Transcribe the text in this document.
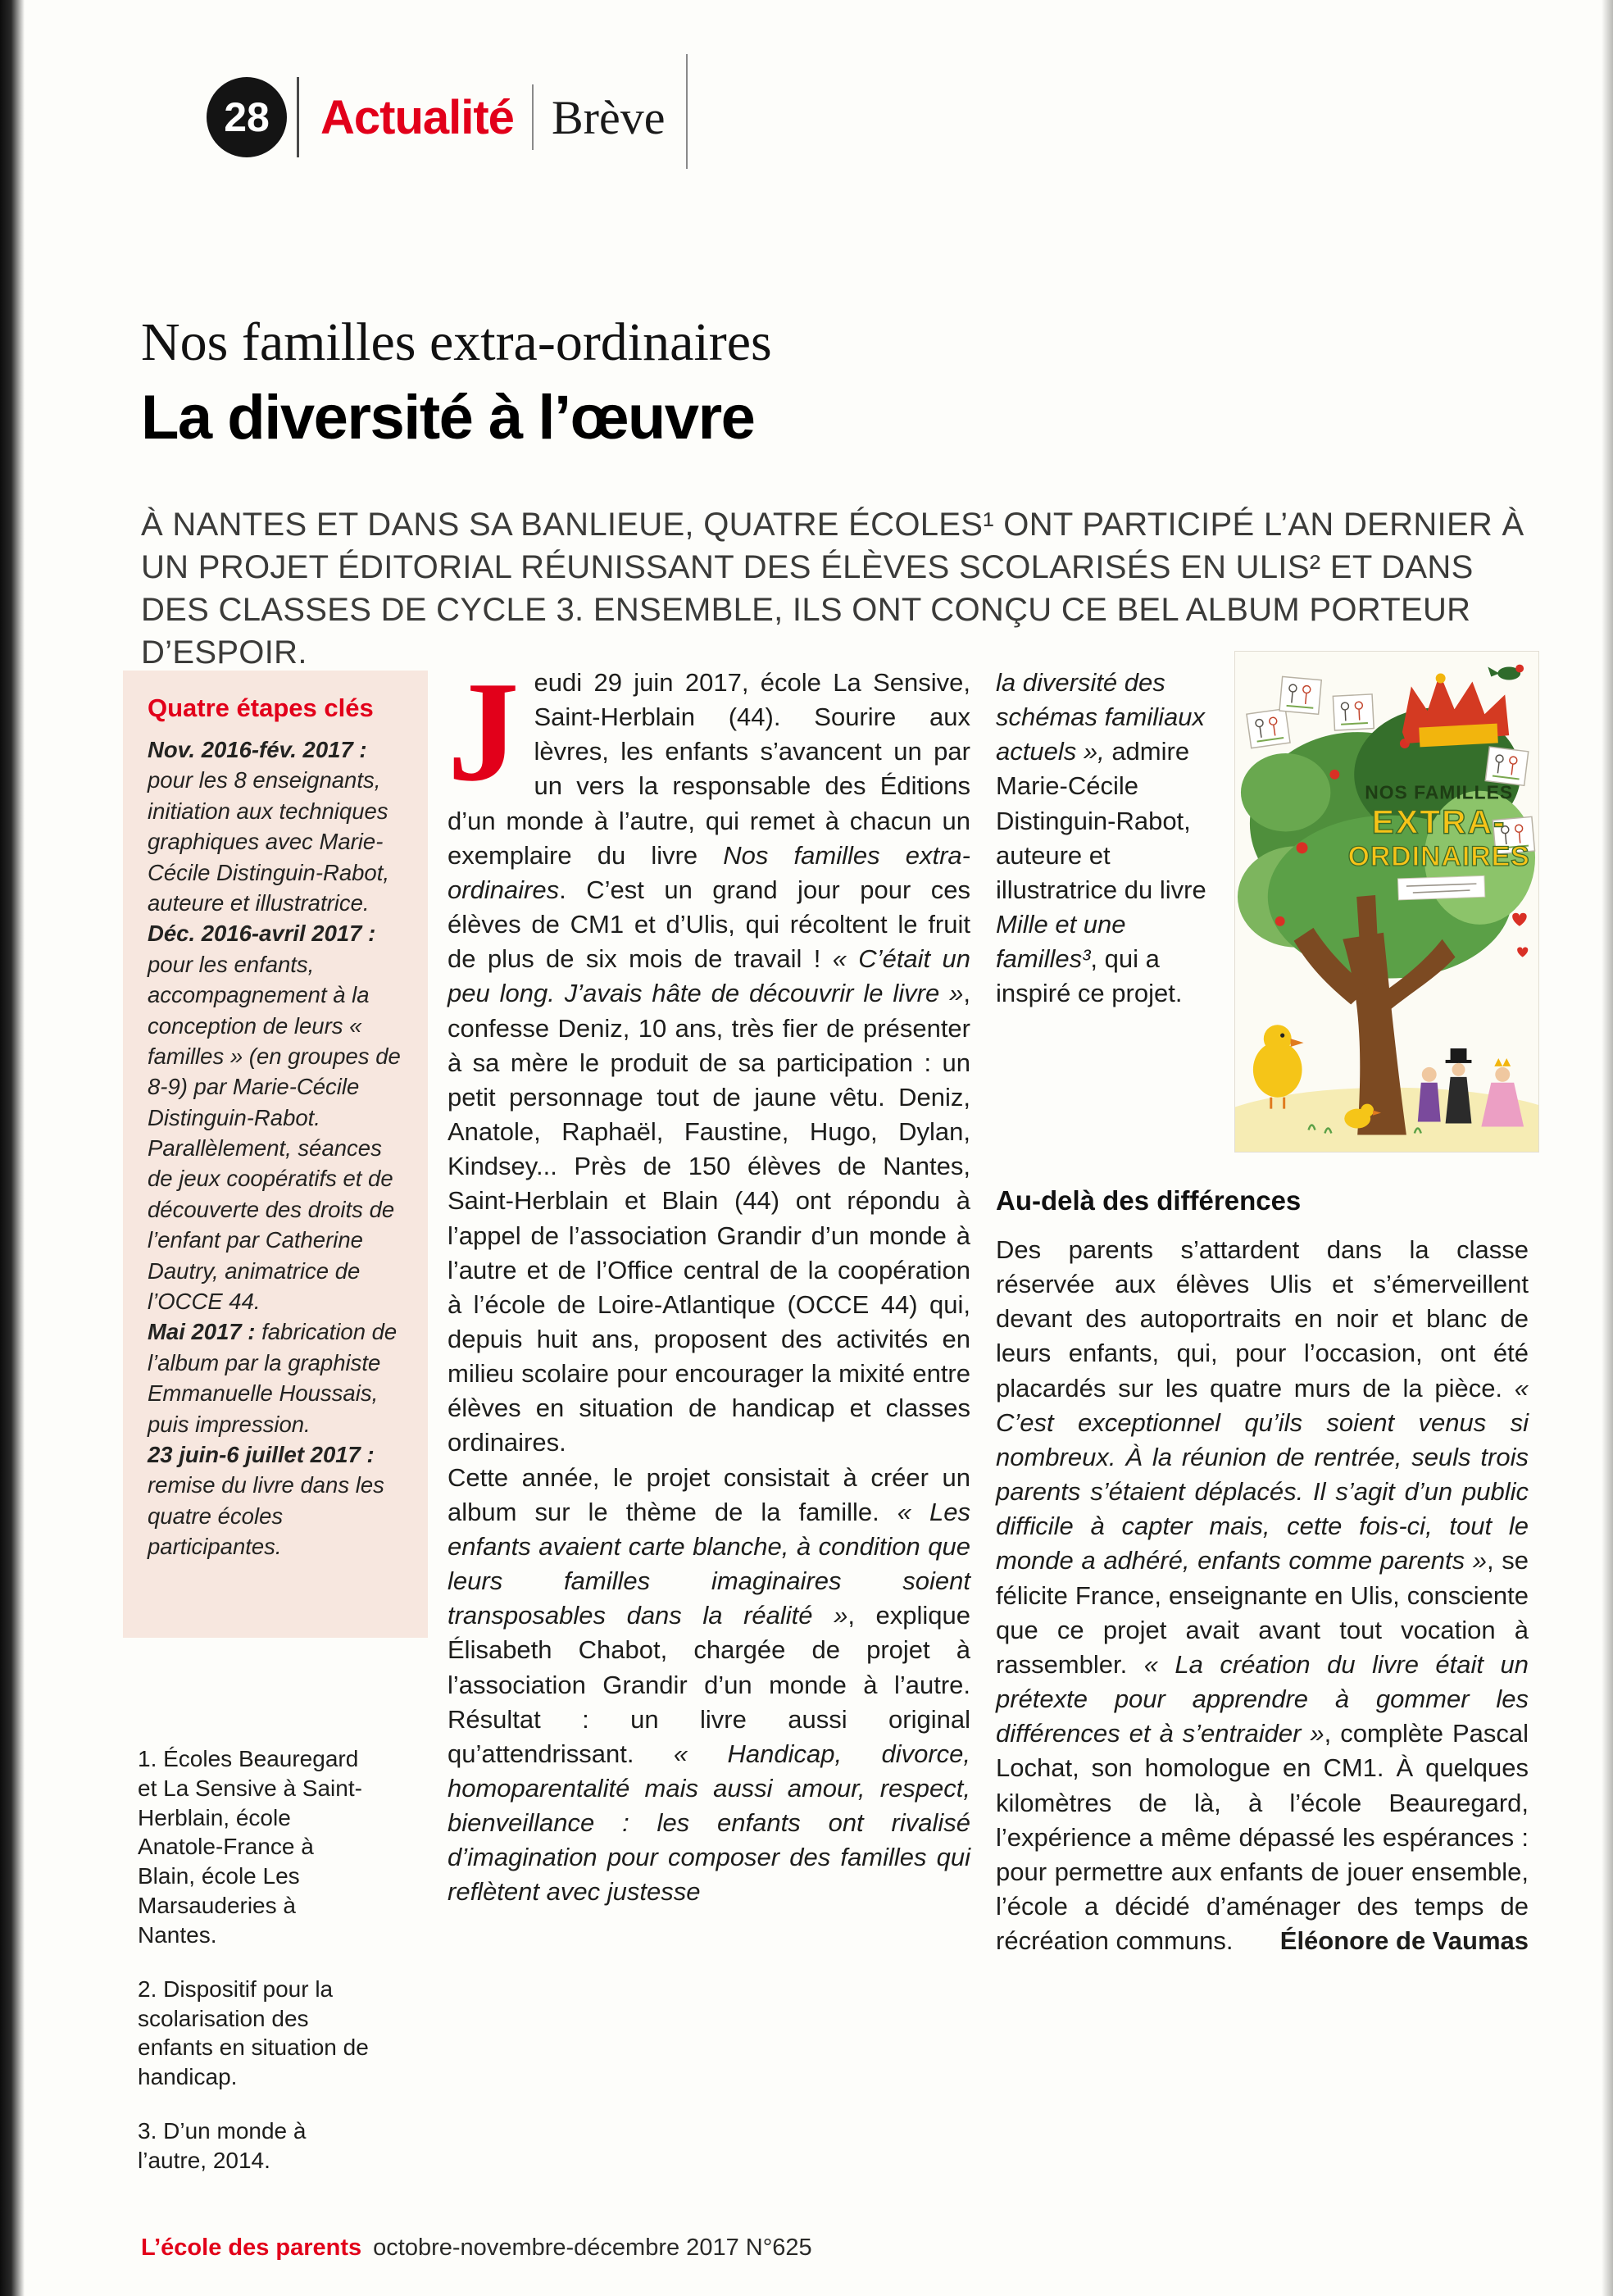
28 Actualité Brève
Nos familles extra-ordinaires
La diversité à l’œuvre
À NANTES ET DANS SA BANLIEUE, QUATRE ÉCOLES¹ ONT PARTICIPÉ L’AN DERNIER À UN PROJET ÉDITORIAL RÉUNISSANT DES ÉLÈVES SCOLARISÉS EN ULIS² ET DANS DES CLASSES DE CYCLE 3. ENSEMBLE, ILS ONT CONÇU CE BEL ALBUM PORTEUR D’ESPOIR.
Quatre étapes clés

Nov. 2016-fév. 2017 : pour les 8 enseignants, initiation aux techniques graphiques avec Marie-Cécile Distinguin-Rabot, auteure et illustratrice.

Déc. 2016-avril 2017 : pour les enfants, accompagnement à la conception de leurs « familles » (en groupes de 8-9) par Marie-Cécile Distinguin-Rabot. Parallèlement, séances de jeux coopératifs et de découverte des droits de l’enfant par Catherine Dautry, animatrice de l’OCCE 44.

Mai 2017 : fabrication de l’album par la graphiste Emmanuelle Houssais, puis impression.

23 juin-6 juillet 2017 : remise du livre dans les quatre écoles participantes.

1. Écoles Beauregard et La Sensive à Saint-Herblain, école Anatole-France à Blain, école Les Marsauderies à Nantes.

2. Dispositif pour la scolarisation des enfants en situation de handicap.

3. D’un monde à l’autre, 2014.

Jeudi 29 juin 2017, école La Sensive, Saint-Herblain (44). Sourire aux lèvres, les enfants s’avancent un par un vers la responsable des Éditions d’un monde à l’autre, qui remet à chacun un exemplaire du livre Nos familles extra-ordinaires. C’est un grand jour pour ces élèves de CM1 et d’Ulis, qui récoltent le fruit de plus de six mois de travail ! « C’était un peu long. J’avais hâte de découvrir le livre », confesse Deniz, 10 ans, très fier de présenter à sa mère le produit de sa participation : un petit personnage tout de jaune vêtu. Deniz, Anatole, Raphaël, Faustine, Hugo, Dylan, Kindsey... Près de 150 élèves de Nantes, Saint-Herblain et Blain (44) ont répondu à l’appel de l’association Grandir d’un monde à l’autre et de l’Office central de la coopération à l’école de Loire-Atlantique (OCCE 44) qui, depuis huit ans, proposent des activités en milieu scolaire pour encourager la mixité entre élèves en situation de handicap et classes ordinaires.

Cette année, le projet consistait à créer un album sur le thème de la famille. « Les enfants avaient carte blanche, à condition que leurs familles imaginaires soient transposables dans la réalité », explique Élisabeth Chabot, chargée de projet à l’association Grandir d’un monde à l’autre. Résultat : un livre aussi original qu’attendrissant. « Handicap, divorce, homoparentalité mais aussi amour, respect, bienveillance : les enfants ont rivalisé d’imagination pour composer des familles qui reflètent avec justesse

la diversité des schémas familiaux actuels », admire Marie-Cécile Distinguin-Rabot, auteure et illustratrice du livre Mille et une familles³, qui a inspiré ce projet.
NOS FAMILLES
EXTRA-
ORDINAIRES
Au-delà des différences

Des parents s’attardent dans la classe réservée aux élèves Ulis et s’émerveillent devant des autoportraits en noir et blanc de leurs enfants, qui, pour l’occasion, ont été placardés sur les quatre murs de la pièce. « C’est exceptionnel qu’ils soient venus si nombreux. À la réunion de rentrée, seuls trois parents s’étaient déplacés. Il s’agit d’un public difficile à capter mais, cette fois-ci, tout le monde a adhéré, enfants comme parents », se félicite France, enseignante en Ulis, consciente que ce projet avait avant tout vocation à rassembler. « La création du livre était un prétexte pour apprendre à gommer les différences et à s’entraider », complète Pascal Lochat, son homologue en CM1. À quelques kilomètres de là, à l’école Beauregard, l’expérience a même dépassé les espérances : pour permettre aux enfants de jouer ensemble, l’école a décidé d’aménager des temps de récréation communs. Éléonore de Vaumas

L’école des parents octobre-novembre-décembre 2017 N°625
